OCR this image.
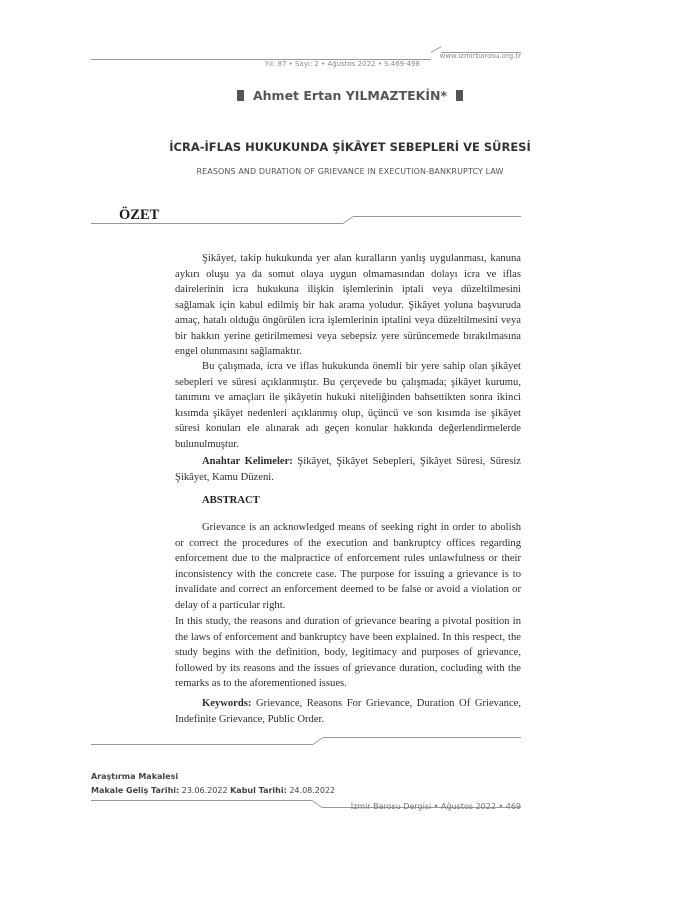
www.izmirbarosu.org.tr
Yıl: 87 • Sayı: 2 • Ağustos 2022 • S.469-498
Ahmet Ertan YILMAZTEKİN*
İCRA-İFLAS HUKUKUNDA ŞİKÂYET SEBEPLERİ VE SÜRESİ
REASONS AND DURATION OF GRIEVANCE IN EXECUTION-BANKRUPTCY LAW
ÖZET

Şikâyet, takip hukukunda yer alan kuralların yanlış uygulanması, kanuna aykırı oluşu ya da somut olaya uygun olmamasından dolayı icra ve iflas dairelerinin icra hukukuna ilişkin işlemlerinin iptali veya düzeltilmesini sağlamak için kabul edilmiş bir hak arama yoludur. Şikâyet yoluna başvuruda amaç, hatalı olduğu öngörülen icra işlemlerinin iptalini veya düzeltilmesini veya bir hakkın yerine getirilmemesi veya sebepsiz yere sürüncemede bırakılmasına engel olunmasını sağlamaktır.

Bu çalışmada, icra ve iflas hukukunda önemli bir yere sahip olan şikâyet sebepleri ve süresi açıklanmıştır. Bu çerçevede bu çalışmada; şikâyet kurumu, tanımını ve amaçları ile şikâyetin hukuki niteliğinden bahsettikten sonra ikinci kısımda şikâyet nedenleri açıklanmış olup, üçüncü ve son kısımda ise şikâyet süresi konuları ele alınarak adı geçen konular hakkında değerlendirmelerde bulunulmuştur.

Anahtar Kelimeler: Şikâyet, Şikâyet Sebepleri, Şikâyet Süresi, Süresiz Şikâyet, Kamu Düzeni.

ABSTRACT

Grievance is an acknowledged means of seeking right in order to abolish or correct the procedures of the execution and bankruptcy offices regarding enforcement due to the malpractice of enforcement rules unlawfulness or their inconsistency with the concrete case. The purpose for issuing a grievance is to invalidate and correct an enforcement deemed to be false or avoid a violation or delay of a particular right.

In this study, the reasons and duration of grievance bearing a pivotal position in the laws of enforcement and bankruptcy have been explained. In this respect, the study begins with the definition, body, legitimacy and purposes of grievance, followed by its reasons and the issues of grievance duration, cocluding with the remarks as to the aforementioned issues.

Keywords: Grievance, Reasons For Grievance, Duration Of Grievance, Indefinite Grievance, Public Order.

Araştırma Makalesi
Makale Geliş Tarihi: 23.06.2022 Kabul Tarihi: 24.08.2022
İzmir Barosu Dergisi • Ağustos 2022 • 469
